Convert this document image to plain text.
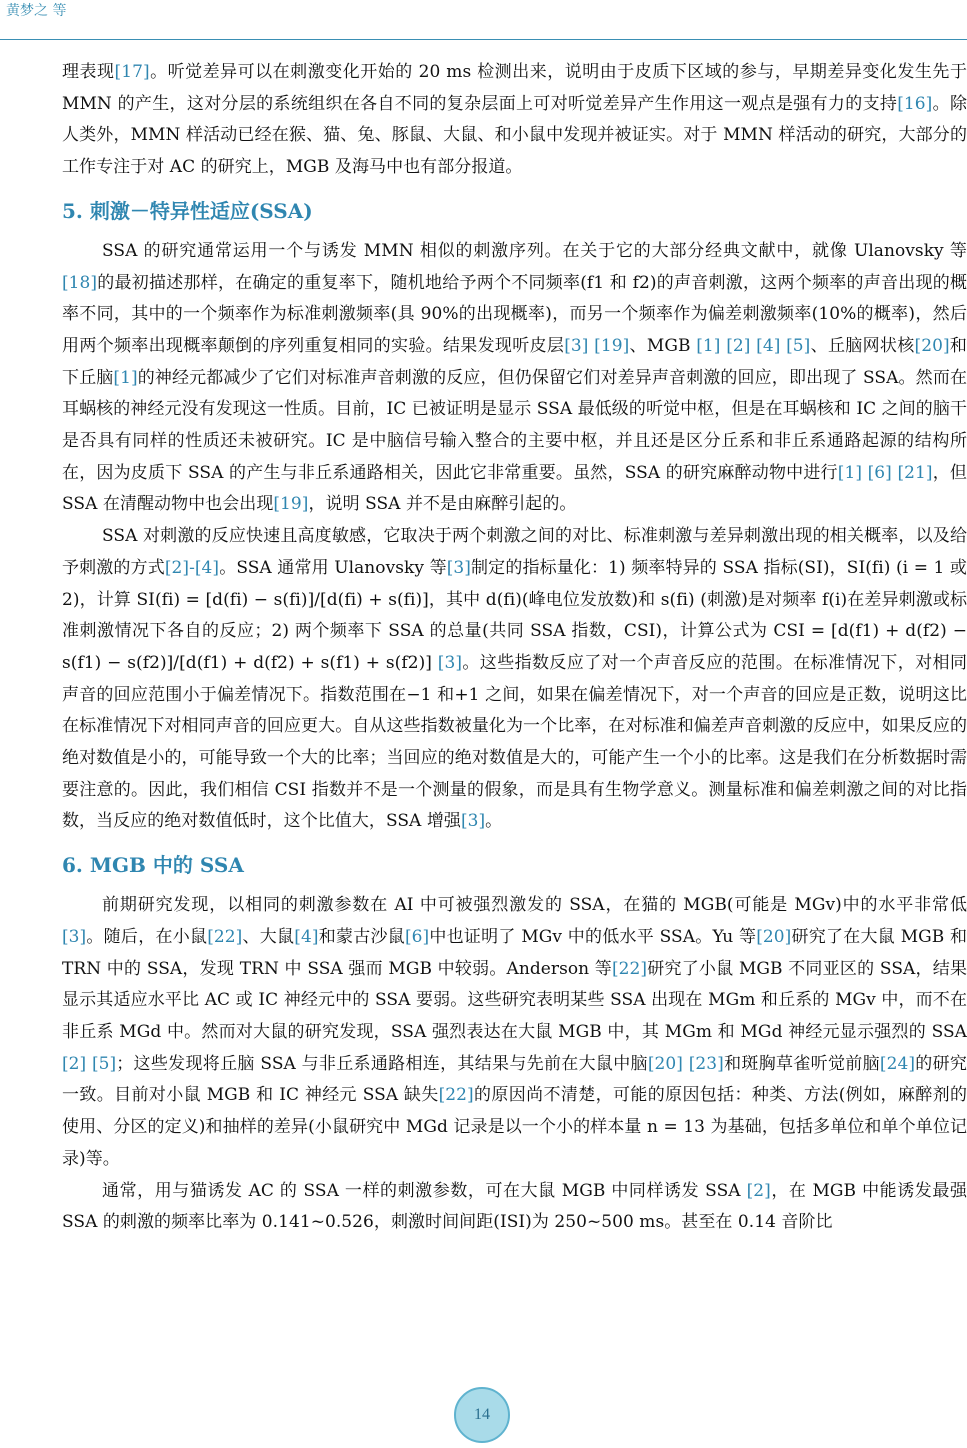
黄梦之 等

理表现[17]。听觉差异可以在刺激变化开始的 20 ms 检测出来，说明由于皮质下区域的参与，早期差异变化发生先于 MMN 的产生，这对分层的系统组织在各自不同的复杂层面上可对听觉差异产生作用这一观点是强有力的支持[16]。除人类外，MMN 样活动已经在猴、猫、兔、豚鼠、大鼠、和小鼠中发现并被证实。对于 MMN 样活动的研究，大部分的工作专注于对 AC 的研究上，MGB 及海马中也有部分报道。

5. 刺激－特异性适应(SSA)

SSA 的研究通常运用一个与诱发 MMN 相似的刺激序列。在关于它的大部分经典文献中，就像 Ulanovsky 等[18]的最初描述那样，在确定的重复率下，随机地给予两个不同频率(f1 和 f2)的声音刺激，这两个频率的声音出现的概率不同，其中的一个频率作为标准刺激频率(具 90%的出现概率)，而另一个频率作为偏差刺激频率(10%的概率)，然后用两个频率出现概率颠倒的序列重复相同的实验。结果发现听皮层[3] [19]、MGB [1] [2] [4] [5]、丘脑网状核[20]和下丘脑[1]的神经元都减少了它们对标准声音刺激的反应，但仍保留它们对差异声音刺激的回应，即出现了 SSA。然而在耳蜗核的神经元没有发现这一性质。目前，IC 已被证明是显示 SSA 最低级的听觉中枢，但是在耳蜗核和 IC 之间的脑干是否具有同样的性质还未被研究。IC 是中脑信号输入整合的主要中枢，并且还是区分丘系和非丘系通路起源的结构所在，因为皮质下 SSA 的产生与非丘系通路相关，因此它非常重要。虽然，SSA 的研究麻醉动物中进行[1] [6] [21]，但 SSA 在清醒动物中也会出现[19]，说明 SSA 并不是由麻醉引起的。

SSA 对刺激的反应快速且高度敏感，它取决于两个刺激之间的对比、标准刺激与差异刺激出现的相关概率，以及给予刺激的方式[2]-[4]。SSA 通常用 Ulanovsky 等[3]制定的指标量化：1) 频率特异的 SSA 指标(SI)，SI(fi) (i = 1 或 2)，计算 SI(fi) = [d(fi) − s(fi)]/[d(fi) + s(fi)]，其中 d(fi)(峰电位发放数)和 s(fi) (刺激)是对频率 f(i)在差异刺激或标准刺激情况下各自的反应；2) 两个频率下 SSA 的总量(共同 SSA 指数，CSI)，计算公式为 CSI = [d(f1) + d(f2) − s(f1) − s(f2)]/[d(f1) + d(f2) + s(f1) + s(f2)] [3]。这些指数反应了对一个声音反应的范围。在标准情况下，对相同声音的回应范围小于偏差情况下。指数范围在−1 和+1 之间，如果在偏差情况下，对一个声音的回应是正数，说明这比在标准情况下对相同声音的回应更大。自从这些指数被量化为一个比率，在对标准和偏差声音刺激的反应中，如果反应的绝对数值是小的，可能导致一个大的比率；当回应的绝对数值是大的，可能产生一个小的比率。这是我们在分析数据时需要注意的。因此，我们相信 CSI 指数并不是一个测量的假象，而是具有生物学意义。测量标准和偏差刺激之间的对比指数，当反应的绝对数值低时，这个比值大，SSA 增强[3]。

6. MGB 中的 SSA

前期研究发现，以相同的刺激参数在 AI 中可被强烈激发的 SSA，在猫的 MGB(可能是 MGv)中的水平非常低[3]。随后，在小鼠[22]、大鼠[4]和蒙古沙鼠[6]中也证明了 MGv 中的低水平 SSA。Yu 等[20]研究了在大鼠 MGB 和 TRN 中的 SSA，发现 TRN 中 SSA 强而 MGB 中较弱。Anderson 等[22]研究了小鼠 MGB 不同亚区的 SSA，结果显示其适应水平比 AC 或 IC 神经元中的 SSA 要弱。这些研究表明某些 SSA 出现在 MGm 和丘系的 MGv 中，而不在非丘系 MGd 中。然而对大鼠的研究发现，SSA 强烈表达在大鼠 MGB 中，其 MGm 和 MGd 神经元显示强烈的 SSA [2] [5]；这些发现将丘脑 SSA 与非丘系通路相连，其结果与先前在大鼠中脑[20] [23]和斑胸草雀听觉前脑[24]的研究一致。目前对小鼠 MGB 和 IC 神经元 SSA 缺失[22]的原因尚不清楚，可能的原因包括：种类、方法(例如，麻醉剂的使用、分区的定义)和抽样的差异(小鼠研究中 MGd 记录是以一个小的样本量 n = 13 为基础，包括多单位和单个单位记录)等。

通常，用与猫诱发 AC 的 SSA 一样的刺激参数，可在大鼠 MGB 中同样诱发 SSA [2]，在 MGB 中能诱发最强 SSA 的刺激的频率比率为 0.141~0.526，刺激时间间距(ISI)为 250~500 ms。甚至在 0.14 音阶比

14
